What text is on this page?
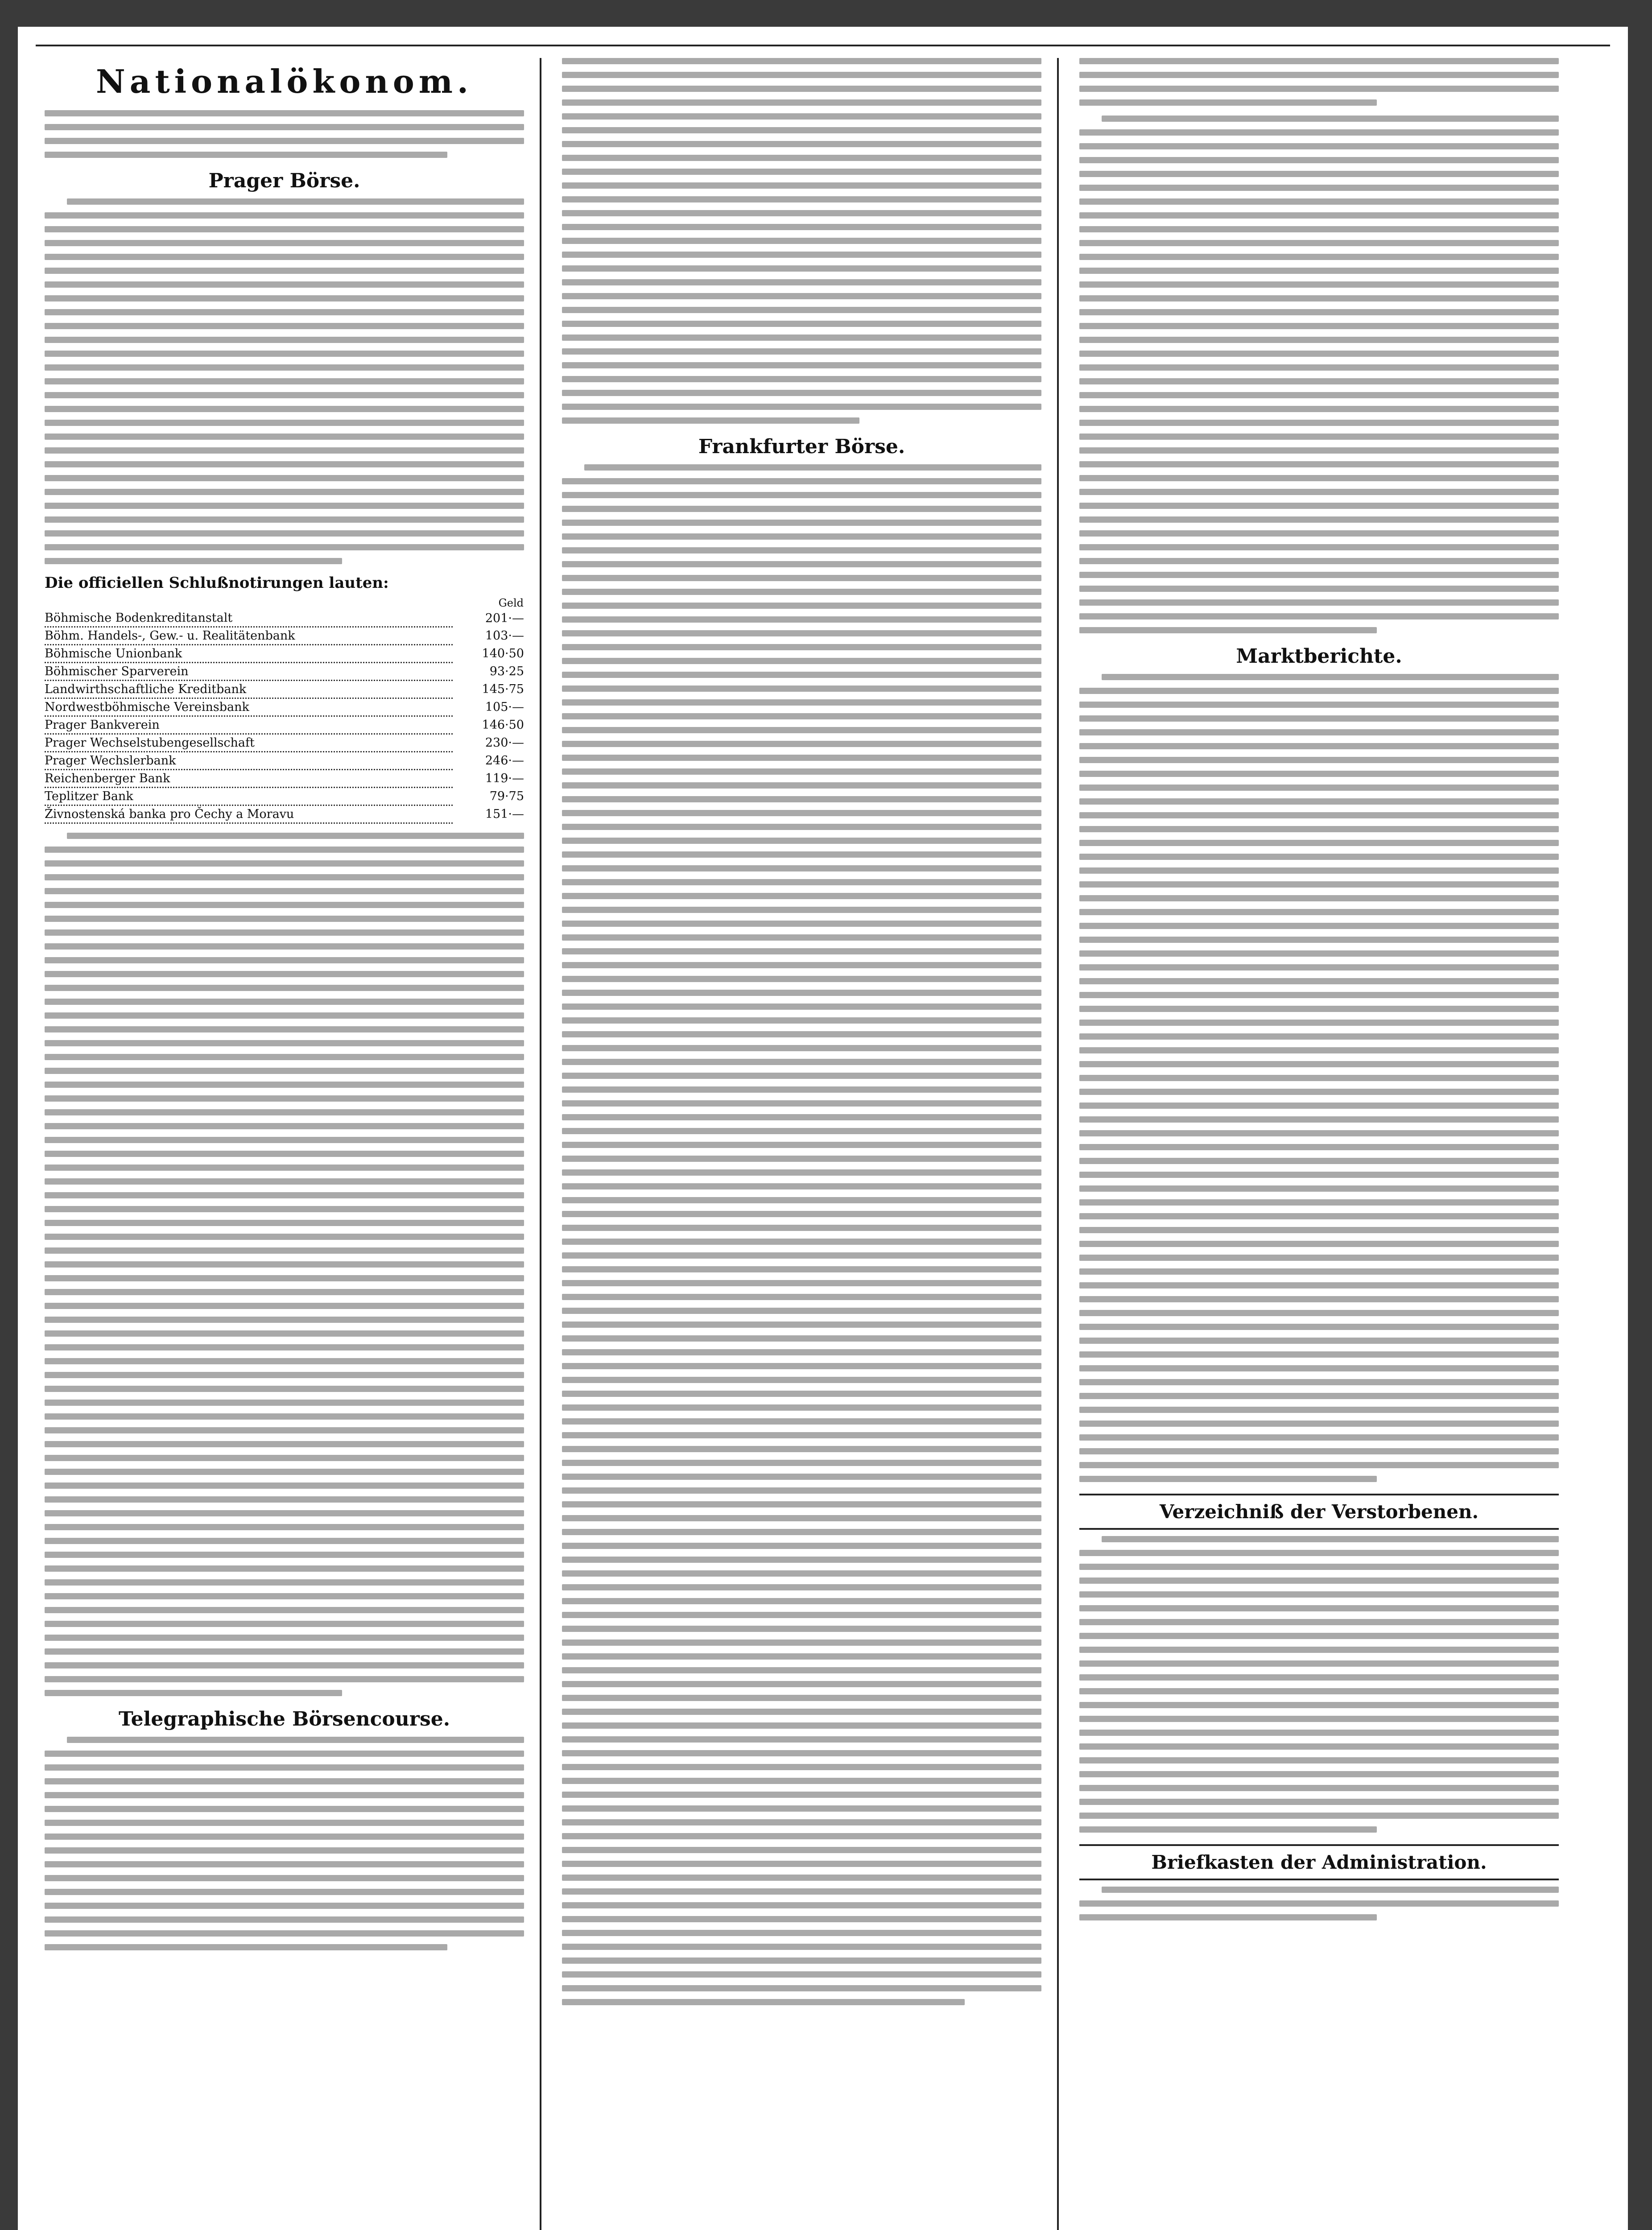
Nationalökonom.
Prager Börse.
Die officiellen Schlußnotirungen lauten:
	Geld
Böhmische Bodenkreditanstalt	201·—
Böhm. Handels-, Gew.- u. Realitätenbank	103·—
Böhmische Unionbank	140·50
Böhmischer Sparverein	93·25
Landwirthschaftliche Kreditbank	145·75
Nordwestböhmische Vereinsbank	105·—
Prager Bankverein	146·50
Prager Wechselstubengesellschaft	230·—
Prager Wechslerbank	246·—
Reichenberger Bank	119·—
Teplitzer Bank	79·75
Živnostenská banka pro Čechy a Moravu	151·—
Telegraphische Börsencourse.
Frankfurter Börse.
Marktberichte.
Verzeichniß der Verstorbenen.
Briefkasten der Administration.
